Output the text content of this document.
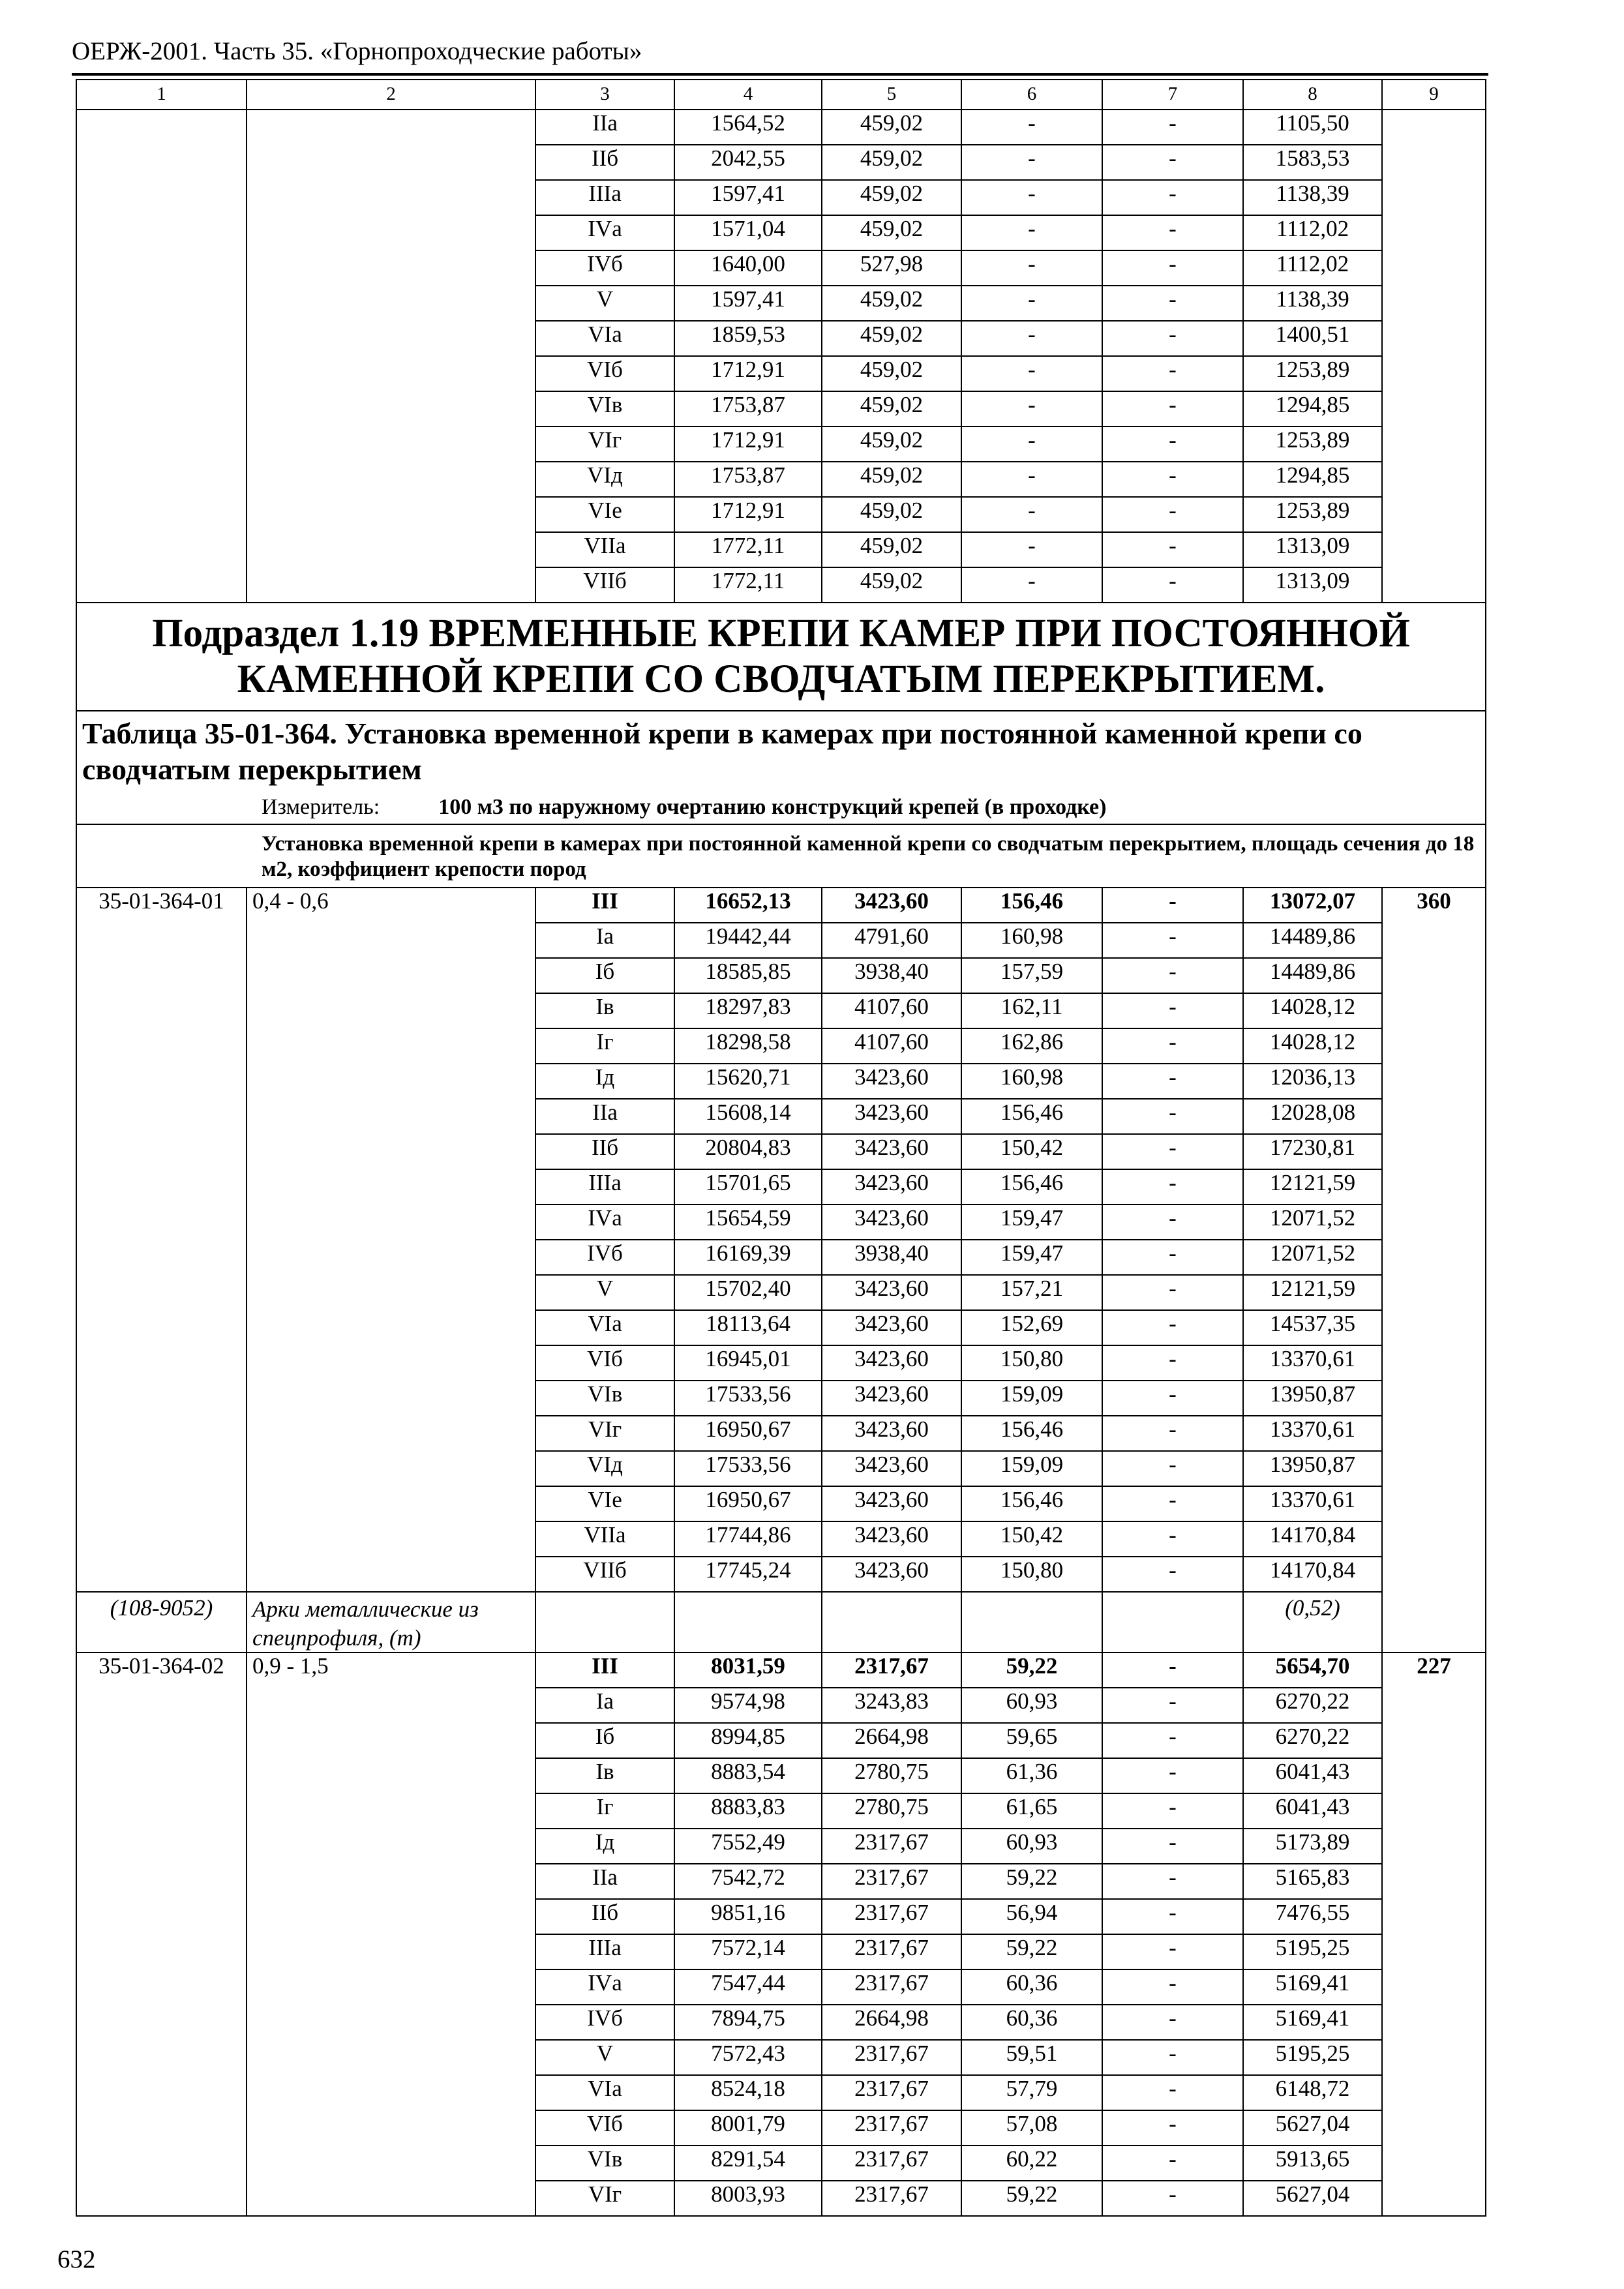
ОЕРЖ-2001. Часть 35. «Горнопроходческие работы»
1	2	3	4	5	6	7	8	9
		IIа	1564,52	459,02	-	-	1105,50	
		IIб	2042,55	459,02	-	-	1583,53	
		IIIа	1597,41	459,02	-	-	1138,39	
		IVа	1571,04	459,02	-	-	1112,02	
		IVб	1640,00	527,98	-	-	1112,02	
		V	1597,41	459,02	-	-	1138,39	
		VIа	1859,53	459,02	-	-	1400,51	
		VIб	1712,91	459,02	-	-	1253,89	
		VIв	1753,87	459,02	-	-	1294,85	
		VIг	1712,91	459,02	-	-	1253,89	
		VIд	1753,87	459,02	-	-	1294,85	
		VIе	1712,91	459,02	-	-	1253,89	
		VIIа	1772,11	459,02	-	-	1313,09	
		VIIб	1772,11	459,02	-	-	1313,09	
Подраздел 1.19 ВРЕМЕННЫЕ КРЕПИ КАМЕР ПРИ ПОСТОЯННОЙ КАМЕННОЙ КРЕПИ СО СВОДЧАТЫМ ПЕРЕКРЫТИЕМ.								

Таблица 35-01-364. Установка временной крепи в камерах при постоянной каменной крепи со сводчатым перекрытием
Измеритель: 100 м3 по наружному очертанию конструкций крепей (в проходке)								

Установка временной крепи в камерах при постоянной каменной крепи со сводчатым перекрытием, площадь сечения до 18 м2, коэффициент крепости пород								

35-01-364-01	0,4 - 0,6	III	16652,13	3423,60	156,46	-	13072,07	360
		Iа	19442,44	4791,60	160,98	-	14489,86	
		Iб	18585,85	3938,40	157,59	-	14489,86	
		Iв	18297,83	4107,60	162,11	-	14028,12	
		Iг	18298,58	4107,60	162,86	-	14028,12	
		Iд	15620,71	3423,60	160,98	-	12036,13	
		IIа	15608,14	3423,60	156,46	-	12028,08	
		IIб	20804,83	3423,60	150,42	-	17230,81	
		IIIа	15701,65	3423,60	156,46	-	12121,59	
		IVа	15654,59	3423,60	159,47	-	12071,52	
		IVб	16169,39	3938,40	159,47	-	12071,52	
		V	15702,40	3423,60	157,21	-	12121,59	
		VIа	18113,64	3423,60	152,69	-	14537,35	
		VIб	16945,01	3423,60	150,80	-	13370,61	
		VIв	17533,56	3423,60	159,09	-	13950,87	
		VIг	16950,67	3423,60	156,46	-	13370,61	
		VIд	17533,56	3423,60	159,09	-	13950,87	
		VIе	16950,67	3423,60	156,46	-	13370,61	
		VIIа	17744,86	3423,60	150,42	-	14170,84	
		VIIб	17745,24	3423,60	150,80	-	14170,84	
(108-9052)	Арки металлические из спецпрофиля, (т)						(0,52)	
35-01-364-02	0,9 - 1,5	III	8031,59	2317,67	59,22	-	5654,70	227
		Iа	9574,98	3243,83	60,93	-	6270,22	
		Iб	8994,85	2664,98	59,65	-	6270,22	
		Iв	8883,54	2780,75	61,36	-	6041,43	
		Iг	8883,83	2780,75	61,65	-	6041,43	
		Iд	7552,49	2317,67	60,93	-	5173,89	
		IIа	7542,72	2317,67	59,22	-	5165,83	
		IIб	9851,16	2317,67	56,94	-	7476,55	
		IIIа	7572,14	2317,67	59,22	-	5195,25	
		IVа	7547,44	2317,67	60,36	-	5169,41	
		IVб	7894,75	2664,98	60,36	-	5169,41	
		V	7572,43	2317,67	59,51	-	5195,25	
		VIа	8524,18	2317,67	57,79	-	6148,72	
		VIб	8001,79	2317,67	57,08	-	5627,04	
		VIв	8291,54	2317,67	60,22	-	5913,65	
		VIг	8003,93	2317,67	59,22	-	5627,04	
632
